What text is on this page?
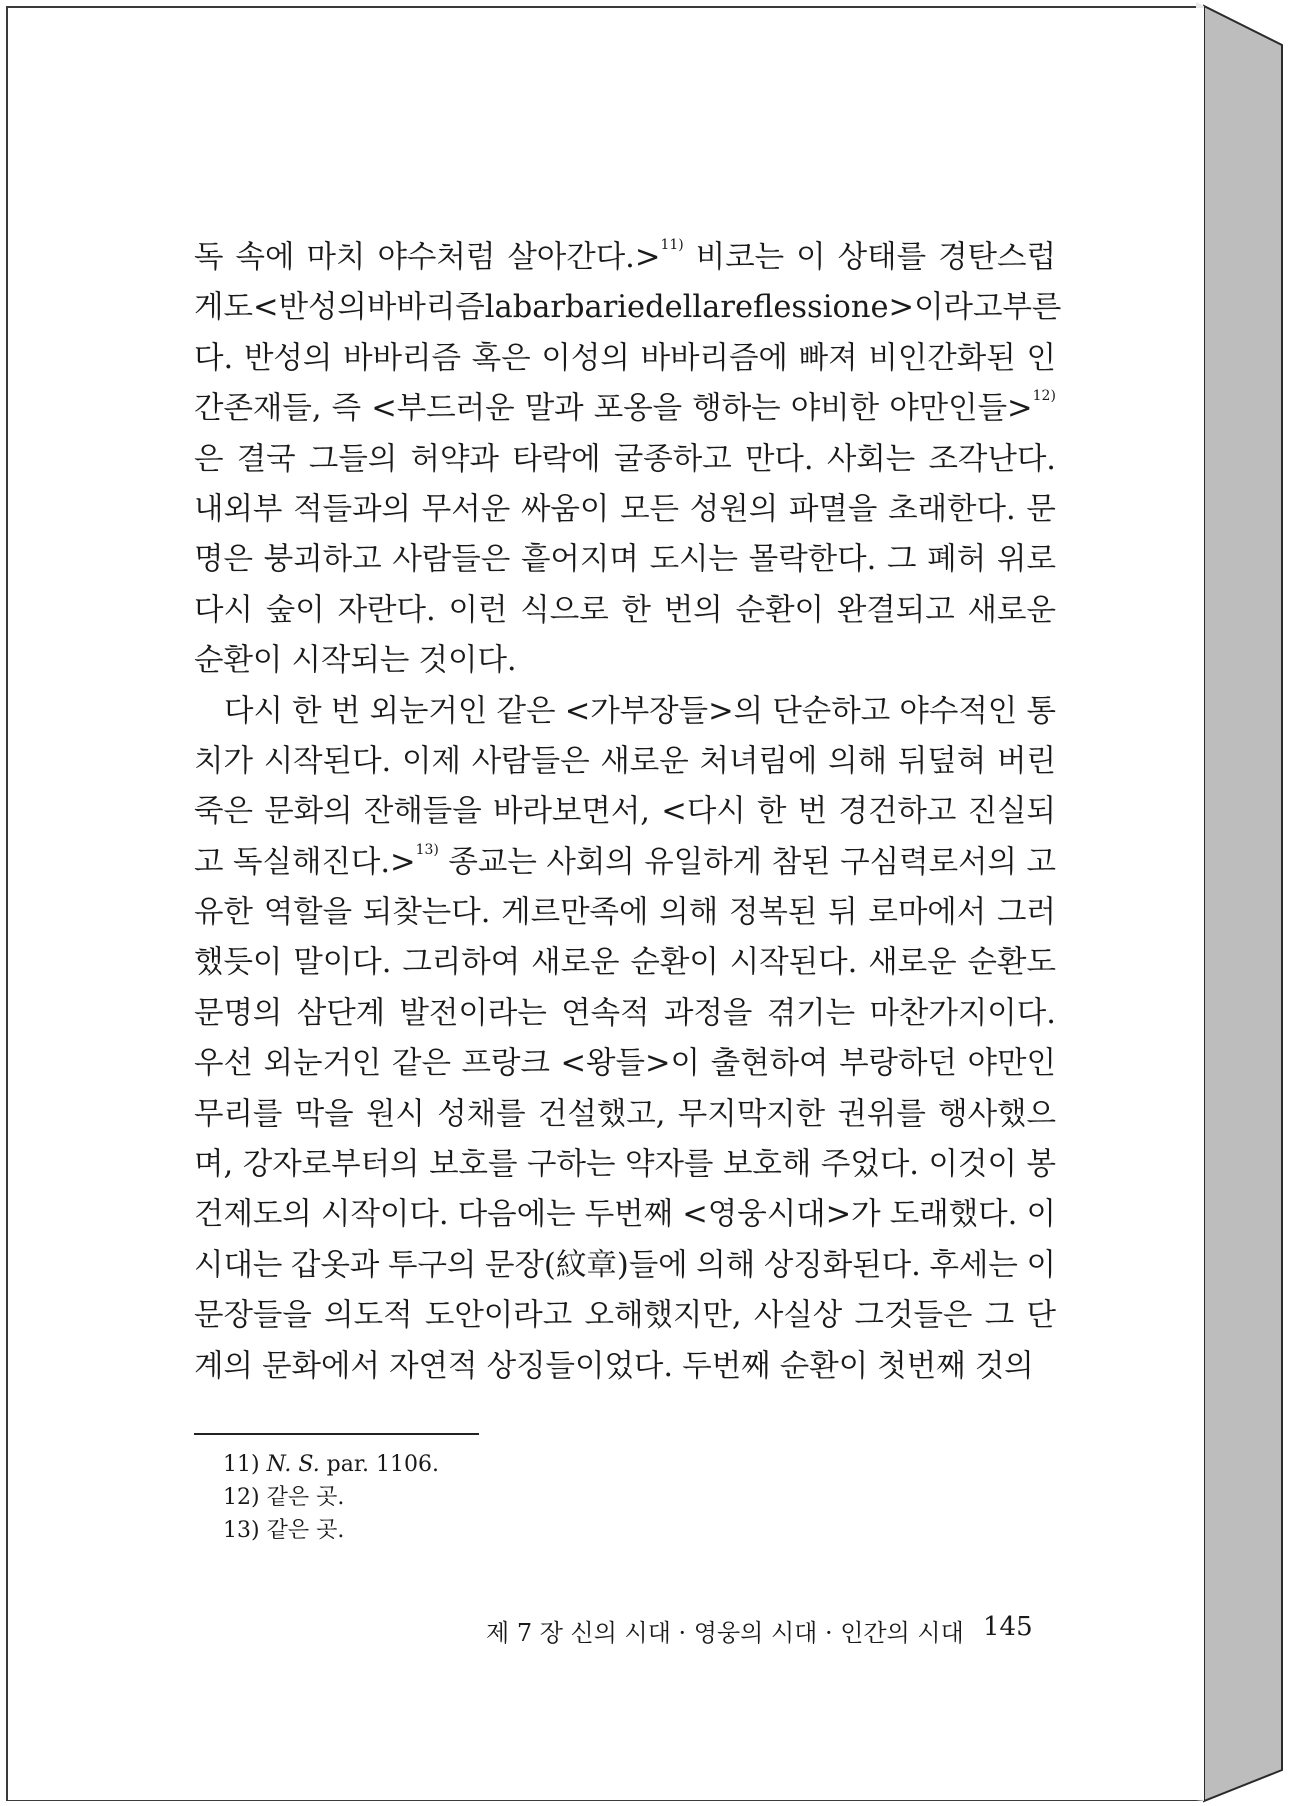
독 속에 마치 야수처럼 살아간다.>$^{11)}$ 비코는 이 상태를 경탄스럽
게도 <반성의 바바리즘 la barbarie della reflessione>이라고 부른
다. 반성의 바바리즘 혹은 이성의 바바리즘에 빠져 비인간화된 인
간존재들, 즉 <부드러운 말과 포옹을 행하는 야비한 야만인들>$^{12)}$
은 결국 그들의 허약과 타락에 굴종하고 만다. 사회는 조각난다.
내외부 적들과의 무서운 싸움이 모든 성원의 파멸을 초래한다. 문
명은 붕괴하고 사람들은 흩어지며 도시는 몰락한다. 그 폐허 위로
다시 숲이 자란다. 이런 식으로 한 번의 순환이 완결되고 새로운
순환이 시작되는 것이다.
다시 한 번 외눈거인 같은 <가부장들>의 단순하고 야수적인 통
치가 시작된다. 이제 사람들은 새로운 처녀림에 의해 뒤덮혀 버린
죽은 문화의 잔해들을 바라보면서, <다시 한 번 경건하고 진실되
고 독실해진다.>$^{13)}$ 종교는 사회의 유일하게 참된 구심력로서의 고
유한 역할을 되찾는다. 게르만족에 의해 정복된 뒤 로마에서 그러
했듯이 말이다. 그리하여 새로운 순환이 시작된다. 새로운 순환도
문명의 삼단계 발전이라는 연속적 과정을 겪기는 마찬가지이다.
우선 외눈거인 같은 프랑크 <왕들>이 출현하여 부랑하던 야만인
무리를 막을 원시 성채를 건설했고, 무지막지한 권위를 행사했으
며, 강자로부터의 보호를 구하는 약자를 보호해 주었다. 이것이 봉
건제도의 시작이다. 다음에는 두번째 <영웅시대>가 도래했다. 이
시대는 갑옷과 투구의 문장(紋章)들에 의해 상징화된다. 후세는 이
문장들을 의도적 도안이라고 오해했지만, 사실상 그것들은 그 단
계의 문화에서 자연적 상징들이었다. 두번째 순환이 첫번째 것의
11) N. S. par. 1106.
12) 같은 곳.
13) 같은 곳.
제 7 장 신의 시대 · 영웅의 시대 · 인간의 시대 145
